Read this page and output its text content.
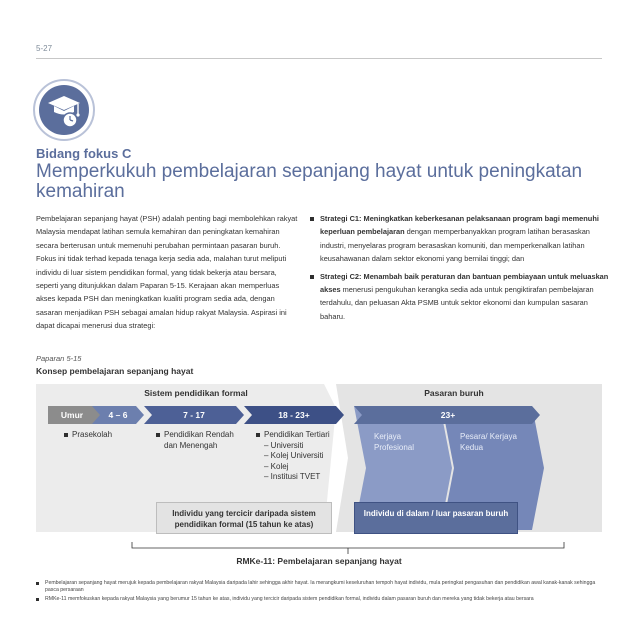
5-27
Bidang fokus C
Memperkukuh pembelajaran sepanjang hayat untuk peningkatan kemahiran
Pembelajaran sepanjang hayat (PSH) adalah penting bagi membolehkan rakyat Malaysia mendapat latihan semula kemahiran dan peningkatan kemahiran secara berterusan untuk memenuhi perubahan permintaan pasaran buruh. Fokus ini tidak terhad kepada tenaga kerja sedia ada, malahan turut meliputi individu di luar sistem pendidikan formal, yang tidak bekerja atau bersara, seperti yang ditunjukkan dalam Paparan 5-15. Kerajaan akan memperluas akses kepada PSH dan meningkatkan kualiti program sedia ada, dengan sasaran menjadikan PSH sebagai amalan hidup rakyat Malaysia. Aspirasi ini dapat dicapai menerusi dua strategi:
Strategi C1: Meningkatkan keberkesanan pelaksanaan program bagi memenuhi keperluan pembelajaran dengan memperbanyakkan program latihan berasaskan industri, menyelaras program berasaskan komuniti, dan memperkenalkan latihan keusahawanan dalam sektor ekonomi yang bernilai tinggi; dan
Strategi C2: Menambah baik peraturan dan bantuan pembiayaan untuk meluaskan akses menerusi pengukuhan kerangka sedia ada untuk pengiktirafan pembelajaran terdahulu, dan peluasan Akta PSMB untuk sektor ekonomi dan kumpulan sasaran baharu.
Paparan 5-15
Konsep pembelajaran sepanjang hayat
Sistem pendidikan formal	Pasaran buruh
Umur	4 – 6	7 - 17	18 - 23+	23+
Prasekolah	Pendidikan Rendah dan Menengah
Pendidikan Tertiari
– Universiti
– Kolej Universiti
– Kolej
– Institusi TVET
Kerjaya Profesional
Pesara/ Kerjaya Kedua
Individu yang tercicir daripada sistem pendidikan formal (15 tahun ke atas)
Individu di dalam / luar pasaran buruh
RMKe-11: Pembelajaran sepanjang hayat
Pembelajaran sepanjang hayat merujuk kepada pembelajaran rakyat Malaysia daripada lahir sehingga akhir hayat. Ia merangkumi keseluruhan tempoh hayat individu, mula peringkat pengasuhan dan pendidikan awal kanak-kanak sehingga pasca persaraan
RMKe-11 memfokuskan kepada rakyat Malaysia yang berumur 15 tahun ke atas, individu yang tercicir daripada sistem pendidikan formal, individu dalam pasaran buruh dan mereka yang tidak bekerja atau bersara
